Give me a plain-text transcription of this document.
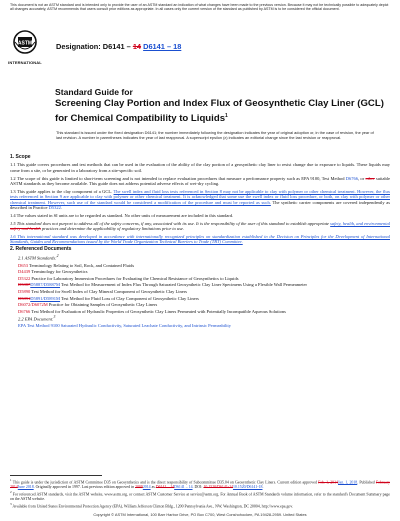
This document is not an ASTM standard and is intended only to provide the user of an ASTM standard an indication of what changes have been made to the previous version. Because it may not be technically possible to adequately depict all changes accurately, ASTM recommends that users consult prior editions as appropriate. In all cases only the current version of the standard as published by ASTM is to be considered the official document.
ASTM
INTERNATIONAL
Designation: D6141 – 14 D6141 – 18
Standard Guide for
Screening Clay Portion and Index Flux of Geosynthetic Clay Liner (GCL) for Chemical Compatibility to Liquids$^1$
This standard is issued under the fixed designation D6141; the number immediately following the designation indicates the year of original adoption or, in the case of revision, the year of last revision. A number in parentheses indicates the year of last reapproval. A superscript epsilon (ε) indicates an editorial change since the last revision or reapproval.
1. Scope

1.1 This guide covers procedures and test methods that can be used in the evaluation of the ability of the clay portion of a geosynthetic clay liner to resist change due to exposure to liquids. These liquids may come from a site, or be generated in a laboratory from a site-specific soil.

1.2 The scope of this guide is limited to short-term screening and is not intended to replace evaluation procedures that measure a performance property such as EPA 9100, Test Method D6766, or other suitable ASTM standards as they become available. This guide does not address potential adverse effects of wet-dry cycling.

1.3 This guide applies to the clay component of a GCL. The swell index and fluid loss tests referenced in Section 8 may not be applicable to clay with polymer or other chemical treatment. However, the flux tests referenced in Section 9 are applicable to clay with polymer or other chemical treatment. It is acknowledged that some use the swell index or fluid loss procedure, or both, on clay with polymer or other chemical treatment. However, such use of the standard would be considered a modification of the procedure and must be reported as such. The synthetic carrier components are covered independently as described in Practice D5322.

1.4 The values stated in SI units are to be regarded as standard. No other units of measurement are included in this standard.

1.5 This standard does not purport to address all of the safety concerns, if any, associated with its use. It is the responsibility of the user of this standard to establish appropriate safety, health, and environmental safety and health practices and determine the applicability of regulatory limitations prior to use.

1.6 This international standard was developed in accordance with internationally recognized principles on standardization established in the Decision on Principles for the Development of International Standards, Guides and Recommendations issued by the World Trade Organization Technical Barriers to Trade (TBT) Committee.

2. Referenced Documents
2.1 ASTM Standards:$^2$
D653 Terminology Relating to Soil, Rock, and Contained Fluids
D4439 Terminology for Geosynthetics
D5322 Practice for Laboratory Immersion Procedures for Evaluating the Chemical Resistance of Geosynthetics to Liquids
D5887D5887/D5887M Test Method for Measurement of Index Flux Through Saturated Geosynthetic Clay Liner Specimens Using a Flexible Wall Permeameter
D5890 Test Method for Swell Index of Clay Mineral Component of Geosynthetic Clay Liners
D5891D5891/D5891M Test Method for Fluid Loss of Clay Component of Geosynthetic Clay Liners
D6072/D6072M Practice for Obtaining Samples of Geosynthetic Clay Liners
D6766 Test Method for Evaluation of Hydraulic Properties of Geosynthetic Clay Liners Permeated with Potentially Incompatible Aqueous Solutions
2.2 EPA Document:$^3$
EPA Test Method 9100 Saturated Hydraulic Conductivity, Saturated Leachate Conductivity, and Intrinsic Permeability

$^1$ This guide is under the jurisdiction of ASTM Committee D35 on Geosynthetics and is the direct responsibility of Subcommittee D35.04 on Geosynthetic Clay Liners. Current edition approved Feb. 1, 2014Jan. 1, 2018. Published February 2014June 2018. Originally approved in 1997. Last previous edition approved in 20092014 as D6141 – 14D6141 – 14. DOI: 10.1520/D6141-1410.1520/D6141-18.

$^2$ For referenced ASTM standards, visit the ASTM website, www.astm.org, or contact ASTM Customer Service at service@astm.org. For Annual Book of ASTM Standards volume information, refer to the standard's Document Summary page on the ASTM website.

$^3$ Available from United States Environmental Protection Agency (EPA), William Jefferson Clinton Bldg., 1200 Pennsylvania Ave., NW, Washington, DC 20004, http://www.epa.gov.

Copyright © ASTM International, 100 Barr Harbor Drive, PO Box C700, West Conshohocken, PA 19428-2959. United States
